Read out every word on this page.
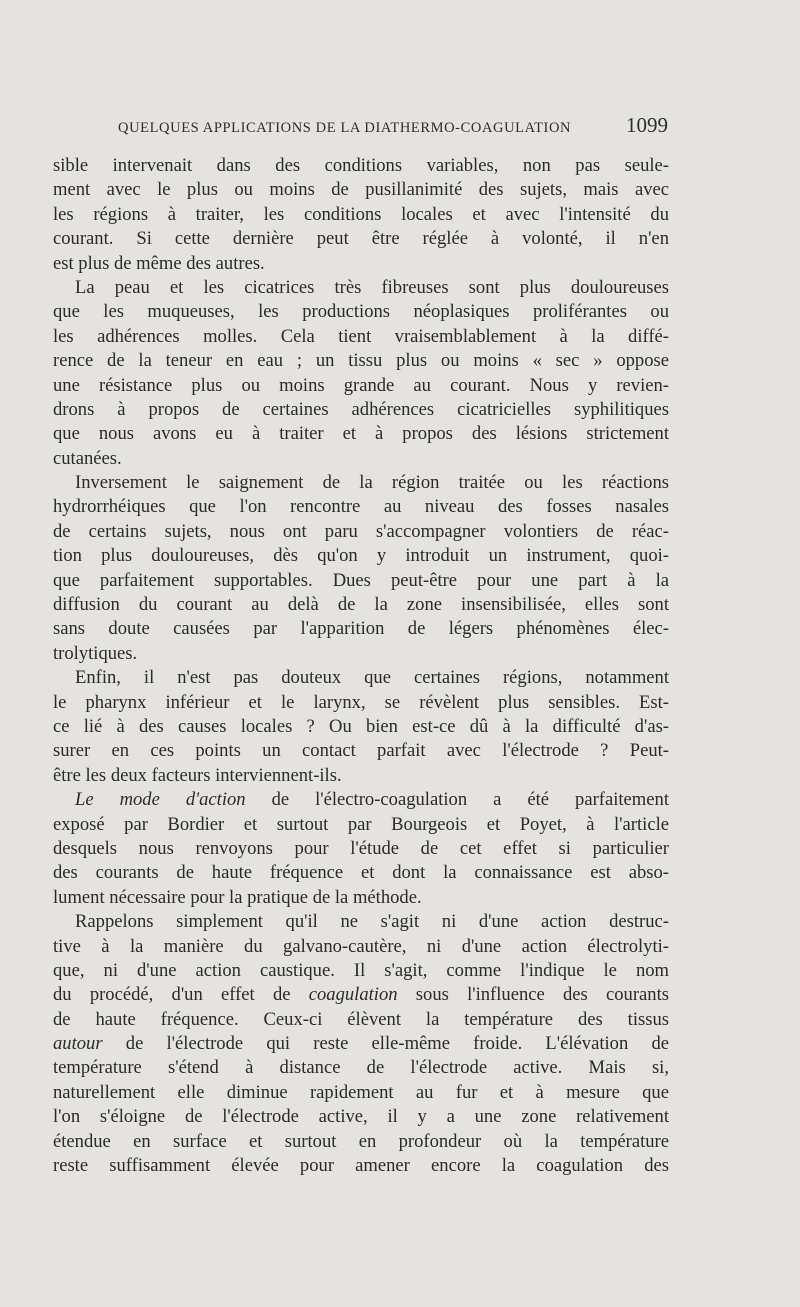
QUELQUES APPLICATIONS DE LA DIATHERMO-COAGULATION	1099
sible intervenait dans des conditions variables, non pas seule-
ment avec le plus ou moins de pusillanimité des sujets, mais avec
les régions à traiter, les conditions locales et avec l'intensité du
courant. Si cette dernière peut être réglée à volonté, il n'en
est plus de même des autres.
La peau et les cicatrices très fibreuses sont plus douloureuses
que les muqueuses, les productions néoplasiques proliférantes ou
les adhérences molles. Cela tient vraisemblablement à la diffé-
rence de la teneur en eau ; un tissu plus ou moins « sec » oppose
une résistance plus ou moins grande au courant. Nous y revien-
drons à propos de certaines adhérences cicatricielles syphilitiques
que nous avons eu à traiter et à propos des lésions strictement
cutanées.
Inversement le saignement de la région traitée ou les réactions
hydrorrhéiques que l'on rencontre au niveau des fosses nasales
de certains sujets, nous ont paru s'accompagner volontiers de réac-
tion plus douloureuses, dès qu'on y introduit un instrument, quoi-
que parfaitement supportables. Dues peut-être pour une part à la
diffusion du courant au delà de la zone insensibilisée, elles sont
sans doute causées par l'apparition de légers phénomènes élec-
trolytiques.
Enfin, il n'est pas douteux que certaines régions, notamment
le pharynx inférieur et le larynx, se révèlent plus sensibles. Est-
ce lié à des causes locales ? Ou bien est-ce dû à la difficulté d'as-
surer en ces points un contact parfait avec l'électrode ? Peut-
être les deux facteurs interviennent-ils.
Le mode d'action de l'électro-coagulation a été parfaitement
exposé par Bordier et surtout par Bourgeois et Poyet, à l'article
desquels nous renvoyons pour l'étude de cet effet si particulier
des courants de haute fréquence et dont la connaissance est abso-
lument nécessaire pour la pratique de la méthode.
Rappelons simplement qu'il ne s'agit ni d'une action destruc-
tive à la manière du galvano-cautère, ni d'une action électrolyti-
que, ni d'une action caustique. Il s'agit, comme l'indique le nom
du procédé, d'un effet de coagulation sous l'influence des courants
de haute fréquence. Ceux-ci élèvent la température des tissus
autour de l'électrode qui reste elle-même froide. L'élévation de
température s'étend à distance de l'électrode active. Mais si,
naturellement elle diminue rapidement au fur et à mesure que
l'on s'éloigne de l'électrode active, il y a une zone relativement
étendue en surface et surtout en profondeur où la température
reste suffisamment élevée pour amener encore la coagulation des
